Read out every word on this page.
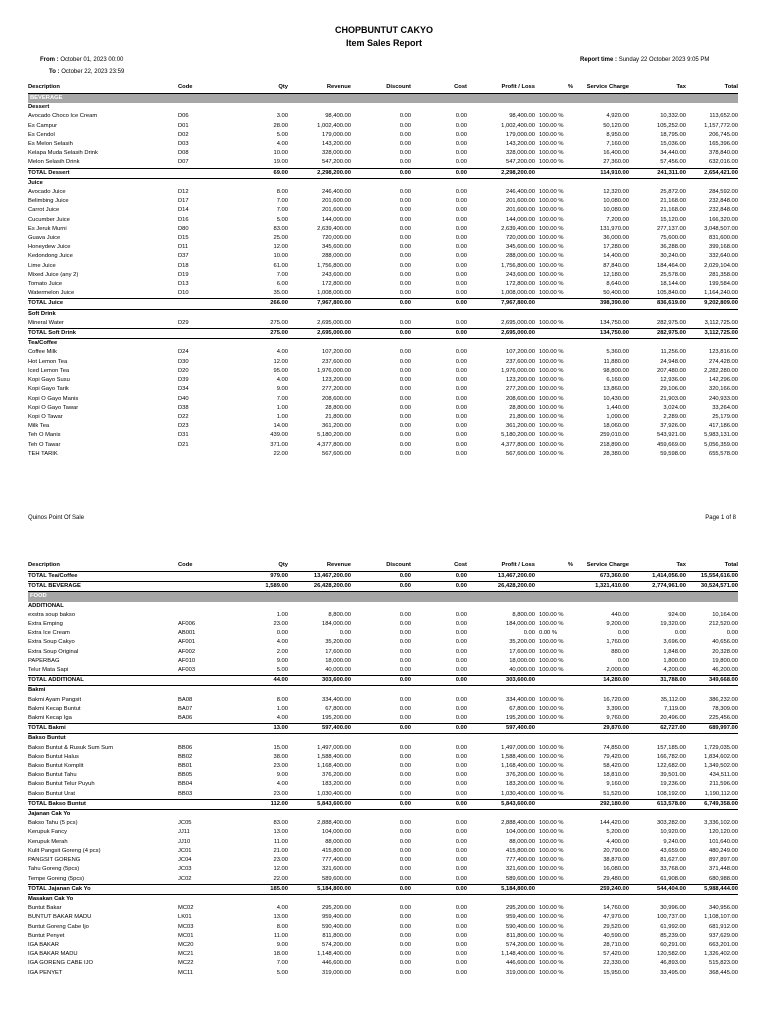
CHOPBUNTUT CAKYO
Item Sales Report
From : October 01, 2023 00:00
To : October 22, 2023 23:59
Report time : Sunday 22 October 2023 9:05 PM
Description	Code	Qty	Revenue	Discount	Cost	Profit / Loss	%	Service Charge	Tax	Total
BEVERAGE										
Dessert										
Avocado Choco Ice Cream	D06	3.00	98,400.00	0.00	0.00	98,400.00	100.00 %	4,920.00	10,332.00	113,652.00
Es Campur	D01	28.00	1,002,400.00	0.00	0.00	1,002,400.00	100.00 %	50,120.00	105,252.00	1,157,772.00
Es Cendol	D02	5.00	179,000.00	0.00	0.00	179,000.00	100.00 %	8,950.00	18,795.00	206,745.00
Es Melon Selasih	D03	4.00	143,200.00	0.00	0.00	143,200.00	100.00 %	7,160.00	15,036.00	165,396.00
Kelapa Muda Selasih Drink	D08	10.00	328,000.00	0.00	0.00	328,000.00	100.00 %	16,400.00	34,440.00	378,840.00
Melon Selasih Drink	D07	19.00	547,200.00	0.00	0.00	547,200.00	100.00 %	27,360.00	57,456.00	632,016.00
TOTAL Dessert		69.00	2,298,200.00	0.00	0.00	2,298,200.00		114,910.00	241,311.00	2,654,421.00
Juice										
Avocado Juice	D12	8.00	246,400.00	0.00	0.00	246,400.00	100.00 %	12,320.00	25,872.00	284,592.00
Belimbing Juice	D17	7.00	201,600.00	0.00	0.00	201,600.00	100.00 %	10,080.00	21,168.00	232,848.00
Carrot Juice	D14	7.00	201,600.00	0.00	0.00	201,600.00	100.00 %	10,080.00	21,168.00	232,848.00
Cucumber Juice	D16	5.00	144,000.00	0.00	0.00	144,000.00	100.00 %	7,200.00	15,120.00	166,320.00
Es Jeruk Murni	D80	83.00	2,639,400.00	0.00	0.00	2,639,400.00	100.00 %	131,970.00	277,137.00	3,048,507.00
Guava Juice	D15	25.00	720,000.00	0.00	0.00	720,000.00	100.00 %	36,000.00	75,600.00	831,600.00
Honeydew Juice	D11	12.00	345,600.00	0.00	0.00	345,600.00	100.00 %	17,280.00	36,288.00	399,168.00
Kedondong Juice	D37	10.00	288,000.00	0.00	0.00	288,000.00	100.00 %	14,400.00	30,240.00	332,640.00
Lime Juice	D18	61.00	1,756,800.00	0.00	0.00	1,756,800.00	100.00 %	87,840.00	184,464.00	2,029,104.00
Mixed Juice (any 2)	D19	7.00	243,600.00	0.00	0.00	243,600.00	100.00 %	12,180.00	25,578.00	281,358.00
Tomato Juice	D13	6.00	172,800.00	0.00	0.00	172,800.00	100.00 %	8,640.00	18,144.00	199,584.00
Watermelon Juice	D10	35.00	1,008,000.00	0.00	0.00	1,008,000.00	100.00 %	50,400.00	105,840.00	1,164,240.00
TOTAL Juice		266.00	7,967,800.00	0.00	0.00	7,967,800.00		398,390.00	836,619.00	9,202,809.00
Soft Drink										
Mineral Water	D29	275.00	2,695,000.00	0.00	0.00	2,695,000.00	100.00 %	134,750.00	282,975.00	3,112,725.00
TOTAL Soft Drink		275.00	2,695,000.00	0.00	0.00	2,695,000.00		134,750.00	282,975.00	3,112,725.00
Tea/Coffee										
Coffee Milk	D24	4.00	107,200.00	0.00	0.00	107,200.00	100.00 %	5,360.00	11,256.00	123,816.00
Hot Lemon Tea	D30	12.00	237,600.00	0.00	0.00	237,600.00	100.00 %	11,880.00	24,948.00	274,428.00
Iced Lemon Tea	D20	95.00	1,976,000.00	0.00	0.00	1,976,000.00	100.00 %	98,800.00	207,480.00	2,282,280.00
Kopi Gayo Susu	D39	4.00	123,200.00	0.00	0.00	123,200.00	100.00 %	6,160.00	12,936.00	142,296.00
Kopi Gayo Tarik	D34	9.00	277,200.00	0.00	0.00	277,200.00	100.00 %	13,860.00	29,106.00	320,166.00
Kopi O Gayo Manis	D40	7.00	208,600.00	0.00	0.00	208,600.00	100.00 %	10,430.00	21,903.00	240,933.00
Kopi O Gayo Tawar	D38	1.00	28,800.00	0.00	0.00	28,800.00	100.00 %	1,440.00	3,024.00	33,264.00
Kopi O Tawar	D22	1.00	21,800.00	0.00	0.00	21,800.00	100.00 %	1,090.00	2,289.00	25,179.00
Milk Tea	D23	14.00	361,200.00	0.00	0.00	361,200.00	100.00 %	18,060.00	37,926.00	417,186.00
Teh O Manis	D31	439.00	5,180,200.00	0.00	0.00	5,180,200.00	100.00 %	259,010.00	543,921.00	5,983,131.00
Teh O Tawar	D21	371.00	4,377,800.00	0.00	0.00	4,377,800.00	100.00 %	218,890.00	459,669.00	5,056,359.00
TEH TARIK		22.00	567,600.00	0.00	0.00	567,600.00	100.00 %	28,380.00	59,598.00	655,578.00
Quinos Point Of Sale	Page 1 of 8
Description	Code	Qty	Revenue	Discount	Cost	Profit / Loss	%	Service Charge	Tax	Total
TOTAL Tea/Coffee		979.00	13,467,200.00	0.00	0.00	13,467,200.00		673,360.00	1,414,056.00	15,554,616.00
TOTAL BEVERAGE		1,589.00	26,428,200.00	0.00	0.00	26,428,200.00		1,321,410.00	2,774,961.00	30,524,571.00
FOOD										
ADDITIONAL										
exstra soup bakso		1.00	8,800.00	0.00	0.00	8,800.00	100.00 %	440.00	924.00	10,164.00
Extra Emping	AF006	23.00	184,000.00	0.00	0.00	184,000.00	100.00 %	9,200.00	19,320.00	212,520.00
Extra Ice Cream	AB001	0.00	0.00	0.00	0.00	0.00	0.00 %	0.00	0.00	0.00
Extra Soup Cakyo	AF001	4.00	35,200.00	0.00	0.00	35,200.00	100.00 %	1,760.00	3,696.00	40,656.00
Extra Soup Original	AF002	2.00	17,600.00	0.00	0.00	17,600.00	100.00 %	880.00	1,848.00	20,328.00
PAPERBAG	AF010	9.00	18,000.00	0.00	0.00	18,000.00	100.00 %	0.00	1,800.00	19,800.00
Telur Mata Sapi	AF003	5.00	40,000.00	0.00	0.00	40,000.00	100.00 %	2,000.00	4,200.00	46,200.00
TOTAL ADDITIONAL		44.00	303,600.00	0.00	0.00	303,600.00		14,280.00	31,788.00	349,668.00
Bakmi										
Bakmi Ayam Pangsit	BA08	8.00	334,400.00	0.00	0.00	334,400.00	100.00 %	16,720.00	35,112.00	386,232.00
Bakmi Kecap Buntut	BA07	1.00	67,800.00	0.00	0.00	67,800.00	100.00 %	3,390.00	7,119.00	78,309.00
Bakmi Kecap Iga	BA06	4.00	195,200.00	0.00	0.00	195,200.00	100.00 %	9,760.00	20,496.00	225,456.00
TOTAL Bakmi		13.00	597,400.00	0.00	0.00	597,400.00		29,870.00	62,727.00	689,997.00
Bakso Buntut										
Bakso Buntut & Rusuk Sum Sum	BB06	15.00	1,497,000.00	0.00	0.00	1,497,000.00	100.00 %	74,850.00	157,185.00	1,729,035.00
Bakso Buntut Halus	BB02	38.00	1,588,400.00	0.00	0.00	1,588,400.00	100.00 %	79,420.00	166,782.00	1,834,602.00
Bakso Buntut Komplit	BB01	23.00	1,168,400.00	0.00	0.00	1,168,400.00	100.00 %	58,420.00	122,682.00	1,349,502.00
Bakso Buntut Tahu	BB05	9.00	376,200.00	0.00	0.00	376,200.00	100.00 %	18,810.00	39,501.00	434,511.00
Bakso Buntut Telur Puyuh	BB04	4.00	183,200.00	0.00	0.00	183,200.00	100.00 %	9,160.00	19,236.00	211,596.00
Bakso Buntut Urat	BB03	23.00	1,030,400.00	0.00	0.00	1,030,400.00	100.00 %	51,520.00	108,192.00	1,190,112.00
TOTAL Bakso Buntut		112.00	5,843,600.00	0.00	0.00	5,843,600.00		292,180.00	613,578.00	6,749,358.00
Jajanan Cak Yo										
Bakso Tahu (5 pcs)	JC05	83.00	2,888,400.00	0.00	0.00	2,888,400.00	100.00 %	144,420.00	303,282.00	3,336,102.00
Kerupuk Fancy	JJ11	13.00	104,000.00	0.00	0.00	104,000.00	100.00 %	5,200.00	10,920.00	120,120.00
Kerupuk Merah	JJ10	11.00	88,000.00	0.00	0.00	88,000.00	100.00 %	4,400.00	9,240.00	101,640.00
Kulit Pangsit Goreng (4 pcs)	JC01	21.00	415,800.00	0.00	0.00	415,800.00	100.00 %	20,790.00	43,659.00	480,249.00
PANGSIT GORENG	JC04	23.00	777,400.00	0.00	0.00	777,400.00	100.00 %	38,870.00	81,627.00	897,897.00
Tahu Goreng (5pcs)	JC03	12.00	321,600.00	0.00	0.00	321,600.00	100.00 %	16,080.00	33,768.00	371,448.00
Tempe Goreng (5pcs)	JC02	22.00	589,600.00	0.00	0.00	589,600.00	100.00 %	29,480.00	61,908.00	680,988.00
TOTAL Jajanan Cak Yo		185.00	5,184,800.00	0.00	0.00	5,184,800.00		259,240.00	544,404.00	5,988,444.00
Masakan Cak Yo										
Buntut Bakar	MC02	4.00	295,200.00	0.00	0.00	295,200.00	100.00 %	14,760.00	30,996.00	340,956.00
BUNTUT BAKAR MADU	LK01	13.00	959,400.00	0.00	0.00	959,400.00	100.00 %	47,970.00	100,737.00	1,108,107.00
Buntut Goreng Cabe Ijo	MC03	8.00	590,400.00	0.00	0.00	590,400.00	100.00 %	29,520.00	61,992.00	681,912.00
Buntut Penyet	MC01	11.00	811,800.00	0.00	0.00	811,800.00	100.00 %	40,590.00	85,239.00	937,629.00
IGA BAKAR	MC20	9.00	574,200.00	0.00	0.00	574,200.00	100.00 %	28,710.00	60,291.00	663,201.00
IGA BAKAR MADU	MC21	18.00	1,148,400.00	0.00	0.00	1,148,400.00	100.00 %	57,420.00	120,582.00	1,326,402.00
IGA GORENG CABE IJO	MC22	7.00	446,600.00	0.00	0.00	446,600.00	100.00 %	22,330.00	46,893.00	515,823.00
IGA PENYET	MC11	5.00	319,000.00	0.00	0.00	319,000.00	100.00 %	15,950.00	33,495.00	368,445.00
